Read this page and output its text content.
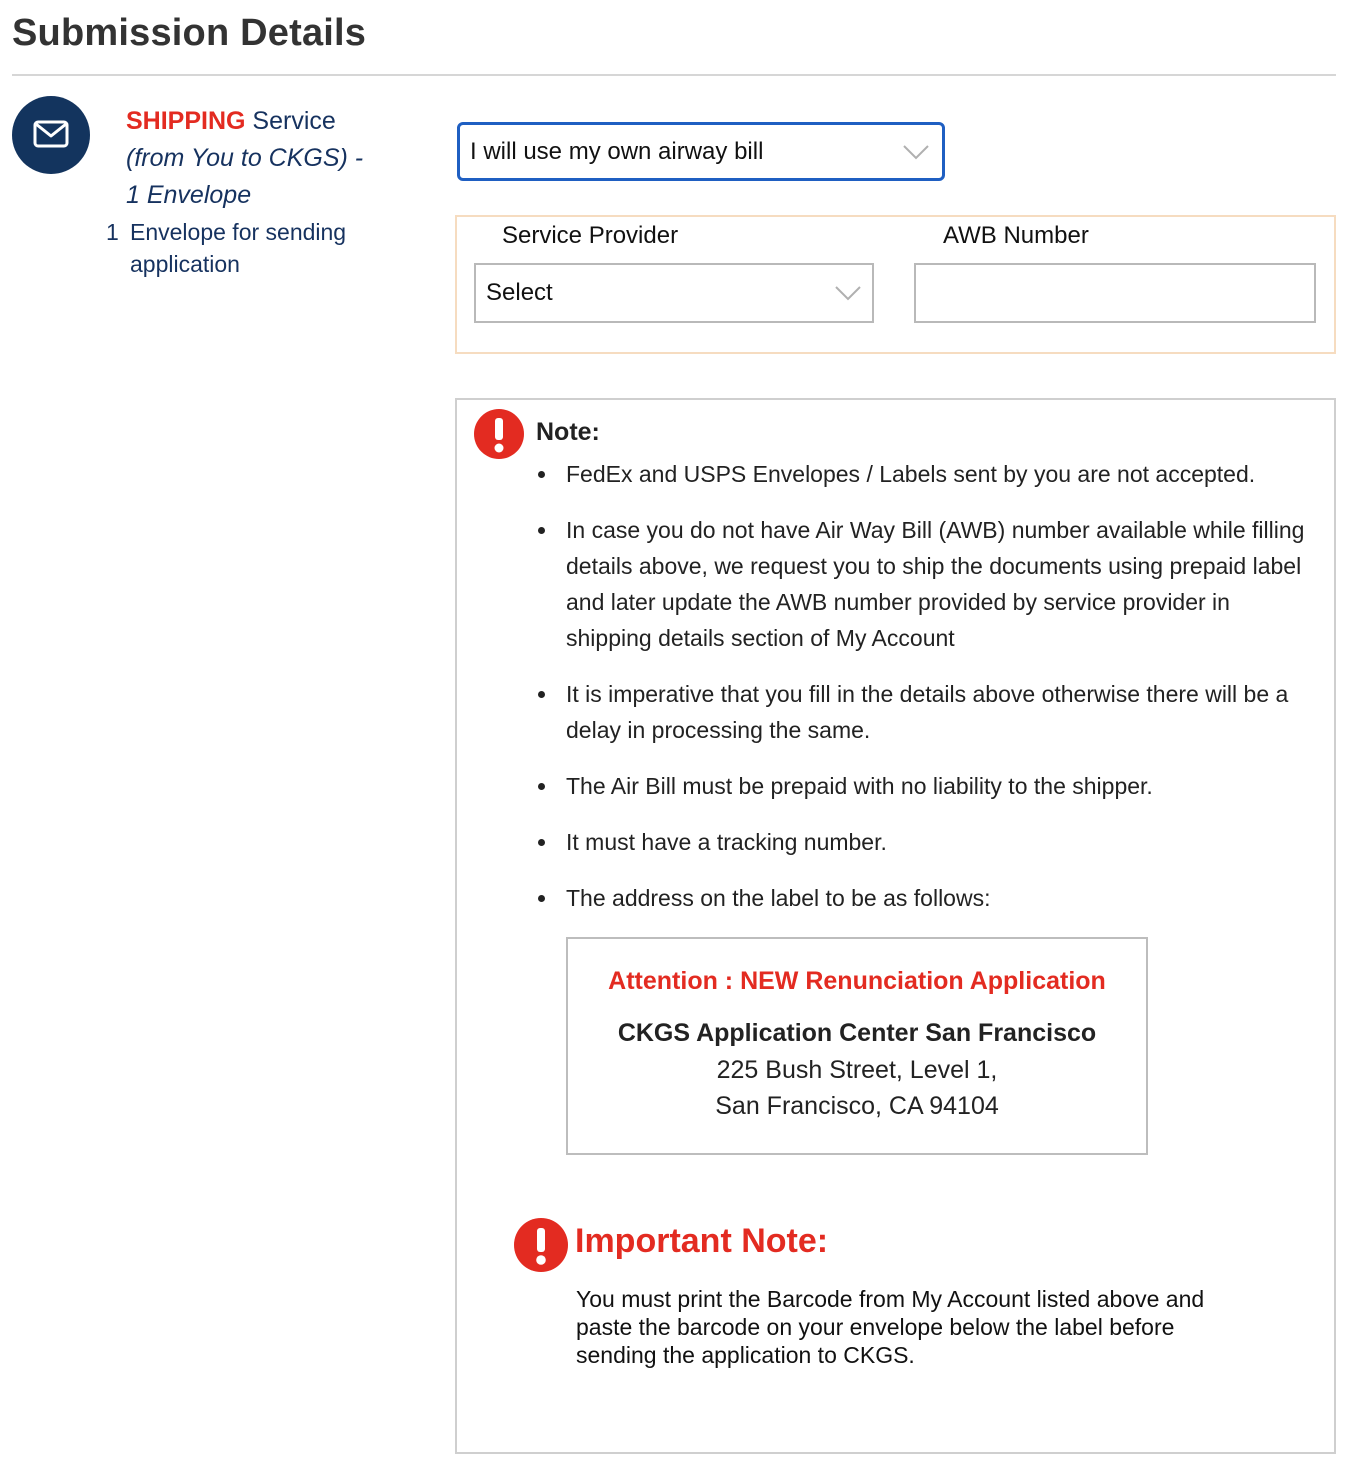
Submission Details
SHIPPING Service
(from You to CKGS) -
1 Envelope
1 Envelope for sending application
I will use my own airway bill
Service Provider	AWB Number
Select
Note:
FedEx and USPS Envelopes / Labels sent by you are not accepted.
In case you do not have Air Way Bill (AWB) number available while filling details above, we request you to ship the documents using prepaid label and later update the AWB number provided by service provider in shipping details section of My Account
It is imperative that you fill in the details above otherwise there will be a delay in processing the same.
The Air Bill must be prepaid with no liability to the shipper.
It must have a tracking number.
The address on the label to be as follows:
Attention : NEW Renunciation Application
CKGS Application Center San Francisco
225 Bush Street, Level 1,
San Francisco, CA 94104
Important Note:
You must print the Barcode from My Account listed above and paste the barcode on your envelope below the label before sending the application to CKGS.
